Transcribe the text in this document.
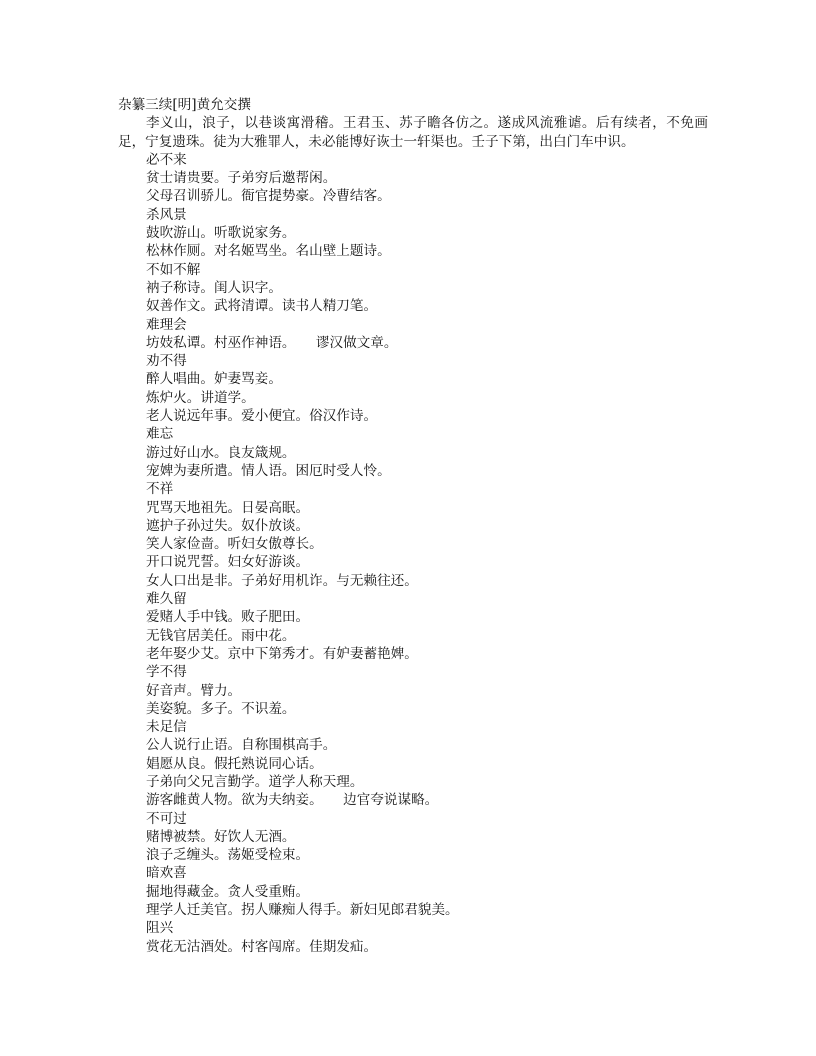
杂纂三续[明]黄允交撰
李义山，浪子，以巷谈寓滑稽。王君玉、苏子瞻各仿之。遂成风流雅谑。后有续者，不免画足，宁复遗珠。徒为大雅罪人，未必能博好诙士一轩渠也。壬子下第，出白门车中识。
必不来
贫士请贵要。子弟穷后邀帮闲。
父母召训骄儿。衙官提势豪。冷曹结客。
杀风景
鼓吹游山。听歌说家务。
松林作厕。对名姬骂坐。名山壁上题诗。
不如不解
衲子称诗。闺人识字。
奴善作文。武将清谭。读书人精刀笔。
难理会
坊妓私谭。村巫作神语。　　谬汉做文章。
劝不得
醉人唱曲。妒妻骂妾。
炼炉火。讲道学。
老人说远年事。爱小便宜。俗汉作诗。
难忘
游过好山水。良友箴规。
宠婢为妻所遣。情人语。困厄时受人怜。
不祥
咒骂天地祖先。日晏高眠。
遮护子孙过失。奴仆放谈。
笑人家俭啬。听妇女傲尊长。
开口说咒誓。妇女好游谈。
女人口出是非。子弟好用机诈。与无赖往还。
难久留
爱赌人手中钱。败子肥田。
无钱官居美任。雨中花。
老年娶少艾。京中下第秀才。有妒妻蓄艳婢。
学不得
好音声。臂力。
美姿貌。多子。不识羞。
未足信
公人说行止语。自称围棋高手。
娼愿从良。假托熟说同心话。
子弟向父兄言勤学。道学人称天理。
游客雌黄人物。欲为夫纳妾。　　边官夸说谋略。
不可过
赌博被禁。好饮人无酒。
浪子乏缠头。荡姬受检束。
暗欢喜
掘地得藏金。贪人受重贿。
理学人迁美官。拐人赚痴人得手。新妇见郎君貌美。
阻兴
赏花无沽酒处。村客闯席。佳期发疝。
